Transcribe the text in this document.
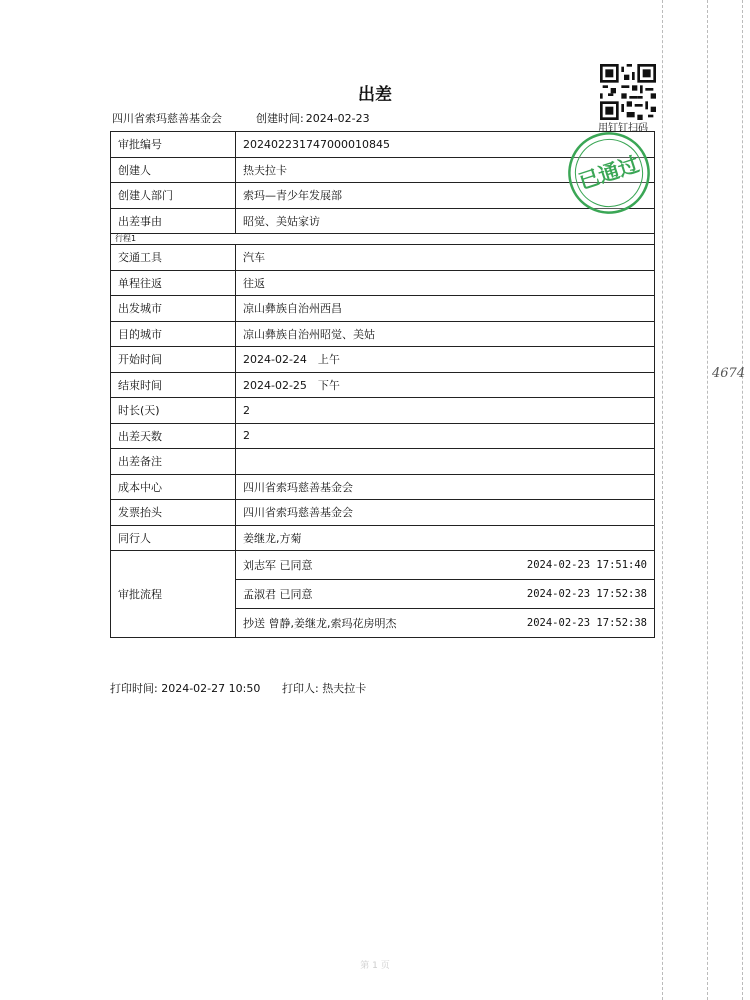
出差
四川省索玛慈善基金会	创建时间: 2024-02-23
用钉钉扫码
审批编号	202402231747000010845
创建人	热夫拉卡
创建人部门	索玛—青少年发展部
出差事由	昭觉、美姑家访
行程1	
交通工具	汽车
单程往返	往返
出发城市	凉山彝族自治州西昌
目的城市	凉山彝族自治州昭觉、美姑
开始时间	2024-02-24　上午
结束时间	2024-02-25　下午
时长(天)	2
出差天数	2
出差备注	
成本中心	四川省索玛慈善基金会
发票抬头	四川省索玛慈善基金会
同行人	姜继龙,方菊
审批流程	刘志军 已同意 2024-02-23 17:51:40

	孟淑君 已同意 2024-02-23 17:52:38

	抄送 曾静,姜继龙,索玛花房明杰 2024-02-23 17:52:38
已通过
4674
打印时间: 2024-02-27 10:50 打印人: 热夫拉卡
第 1 页
